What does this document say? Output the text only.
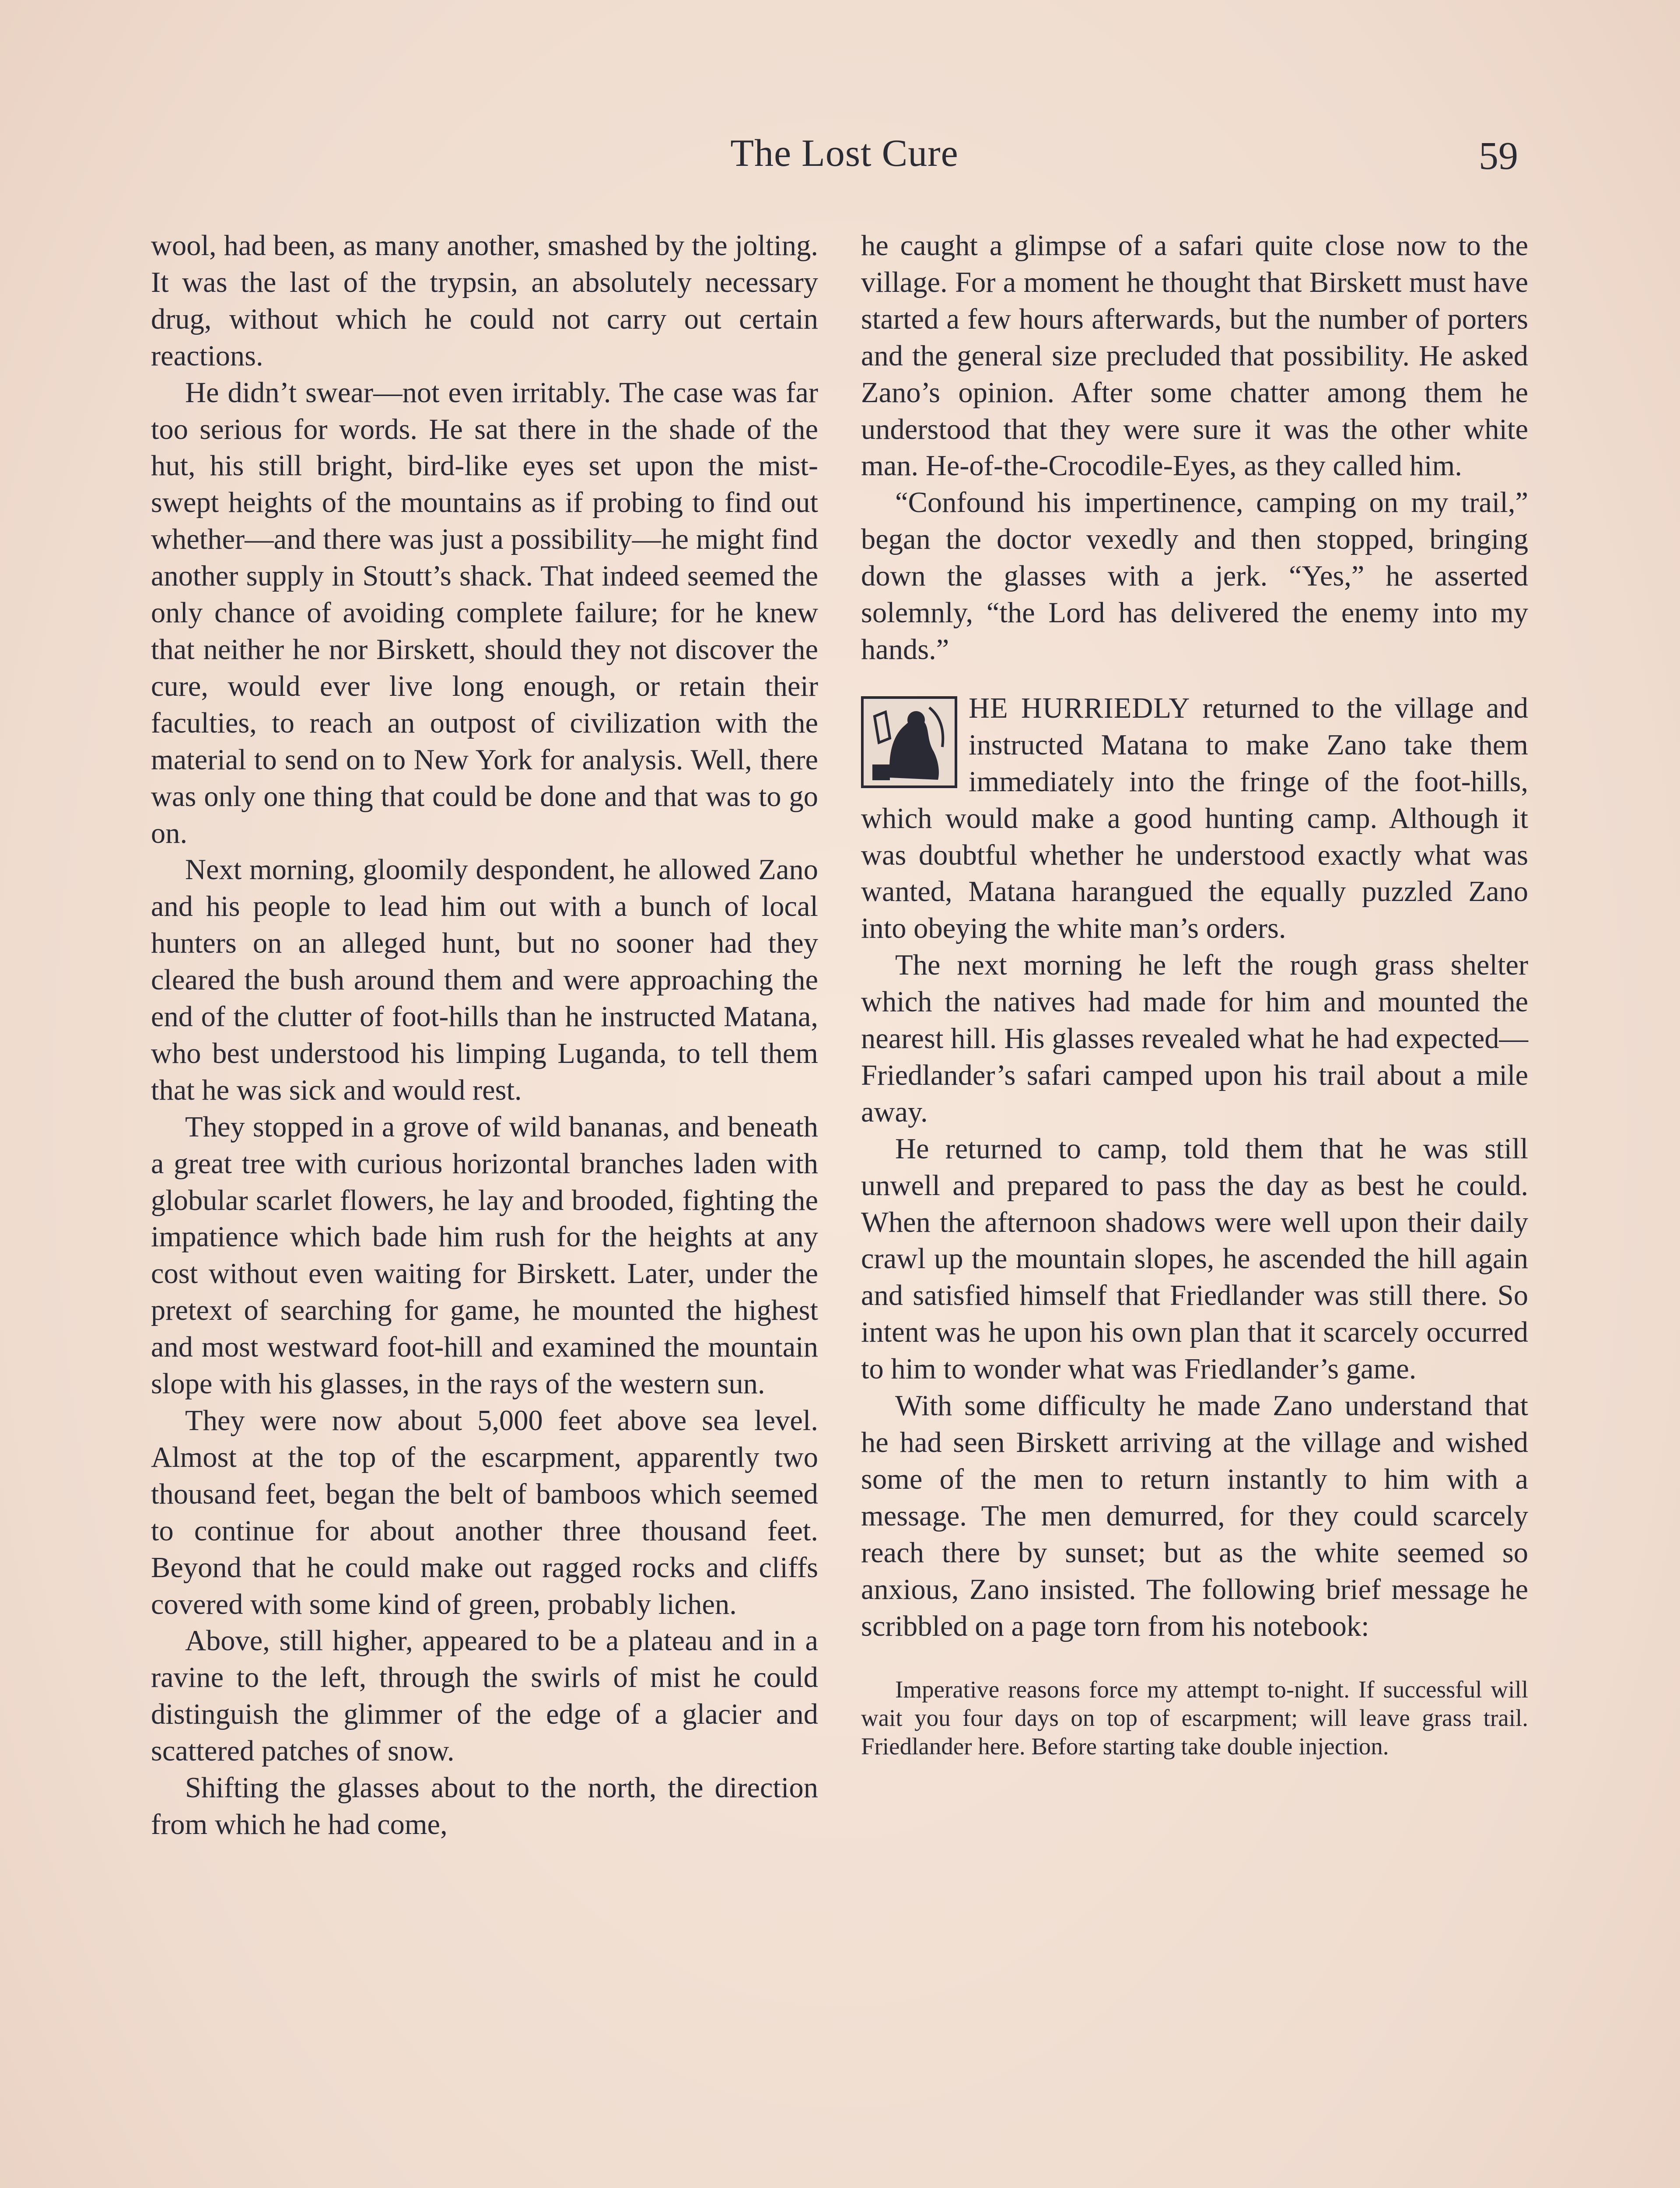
The Lost Cure	59

wool, had been, as many another, smashed by the jolting. It was the last of the trypsin, an absolutely necessary drug, without which he could not carry out certain reactions.

He didn’t swear—not even irritably. The case was far too serious for words. He sat there in the shade of the hut, his still bright, bird-like eyes set upon the mist-swept heights of the mountains as if probing to find out whether—and there was just a possibility—he might find another supply in Stoutt’s shack. That indeed seemed the only chance of avoiding complete failure; for he knew that neither he nor Birskett, should they not discover the cure, would ever live long enough, or retain their faculties, to reach an outpost of civilization with the material to send on to New York for analysis. Well, there was only one thing that could be done and that was to go on.

Next morning, gloomily despondent, he allowed Zano and his people to lead him out with a bunch of local hunters on an alleged hunt, but no sooner had they cleared the bush around them and were approaching the end of the clutter of foot-hills than he instructed Matana, who best understood his limping Luganda, to tell them that he was sick and would rest.

They stopped in a grove of wild bananas, and beneath a great tree with curious horizontal branches laden with globular scarlet flowers, he lay and brooded, fighting the impatience which bade him rush for the heights at any cost without even waiting for Birskett. Later, under the pretext of searching for game, he mounted the highest and most westward foot-hill and examined the mountain slope with his glasses, in the rays of the western sun.

They were now about 5,000 feet above sea level. Almost at the top of the escarpment, apparently two thousand feet, began the belt of bamboos which seemed to continue for about another three thousand feet. Beyond that he could make out ragged rocks and cliffs covered with some kind of green, probably lichen.

Above, still higher, appeared to be a plateau and in a ravine to the left, through the swirls of mist he could distinguish the glimmer of the edge of a glacier and scattered patches of snow.

Shifting the glasses about to the north, the direction from which he had come,

he caught a glimpse of a safari quite close now to the village. For a moment he thought that Birskett must have started a few hours afterwards, but the number of porters and the general size precluded that possibility. He asked Zano’s opinion. After some chatter among them he understood that they were sure it was the other white man. He-of-the-Crocodile-Eyes, as they called him.

“Confound his impertinence, camping on my trail,” began the doctor vexedly and then stopped, bringing down the glasses with a jerk. “Yes,” he asserted solemnly, “the Lord has delivered the enemy into my hands.”

HE HURRIEDLY returned to the village and instructed Matana to make Zano take them immediately into the fringe of the foot-hills, which would make a good hunting camp. Although it was doubtful whether he understood exactly what was wanted, Matana harangued the equally puzzled Zano into obeying the white man’s orders.

The next morning he left the rough grass shelter which the natives had made for him and mounted the nearest hill. His glasses revealed what he had expected—Friedlander’s safari camped upon his trail about a mile away.

He returned to camp, told them that he was still unwell and prepared to pass the day as best he could. When the afternoon shadows were well upon their daily crawl up the mountain slopes, he ascended the hill again and satisfied himself that Friedlander was still there. So intent was he upon his own plan that it scarcely occurred to him to wonder what was Friedlander’s game.

With some difficulty he made Zano understand that he had seen Birskett arriving at the village and wished some of the men to return instantly to him with a message. The men demurred, for they could scarcely reach there by sunset; but as the white seemed so anxious, Zano insisted. The following brief message he scribbled on a page torn from his notebook:

Imperative reasons force my attempt to-night. If successful will wait you four days on top of escarpment; will leave grass trail. Friedlander here. Before starting take double injection.
